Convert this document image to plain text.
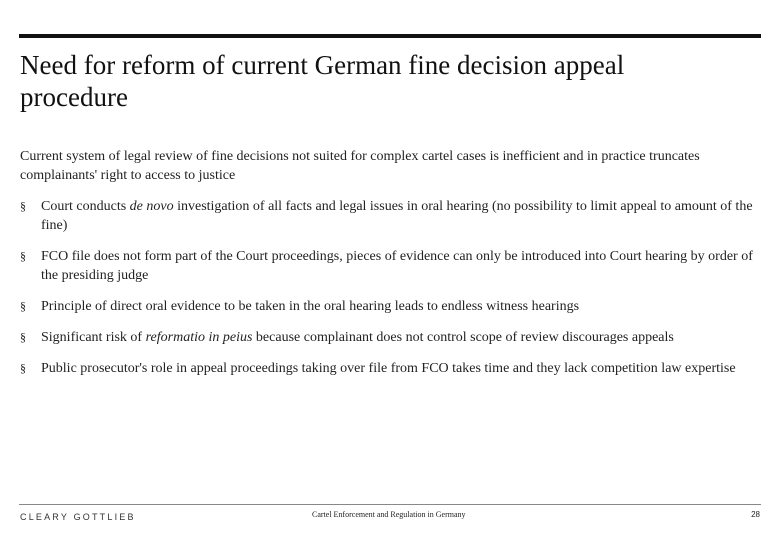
Need for reform of current German fine decision appeal procedure

Current system of legal review of fine decisions not suited for complex cartel cases is inefficient and in practice truncates complainants' right to access to justice

§ Court conducts de novo investigation of all facts and legal issues in oral hearing (no possibility to limit appeal to amount of the fine)
§ FCO file does not form part of the Court proceedings, pieces of evidence can only be introduced into Court hearing by order of the presiding judge
§ Principle of direct oral evidence to be taken in the oral hearing leads to endless witness hearings
§ Significant risk of reformatio in peius because complainant does not control scope of review discourages appeals
§ Public prosecutor's role in appeal proceedings taking over file from FCO takes time and they lack competition law expertise
CLEARY GOTTLIEB	Cartel Enforcement and Regulation in Germany	28
